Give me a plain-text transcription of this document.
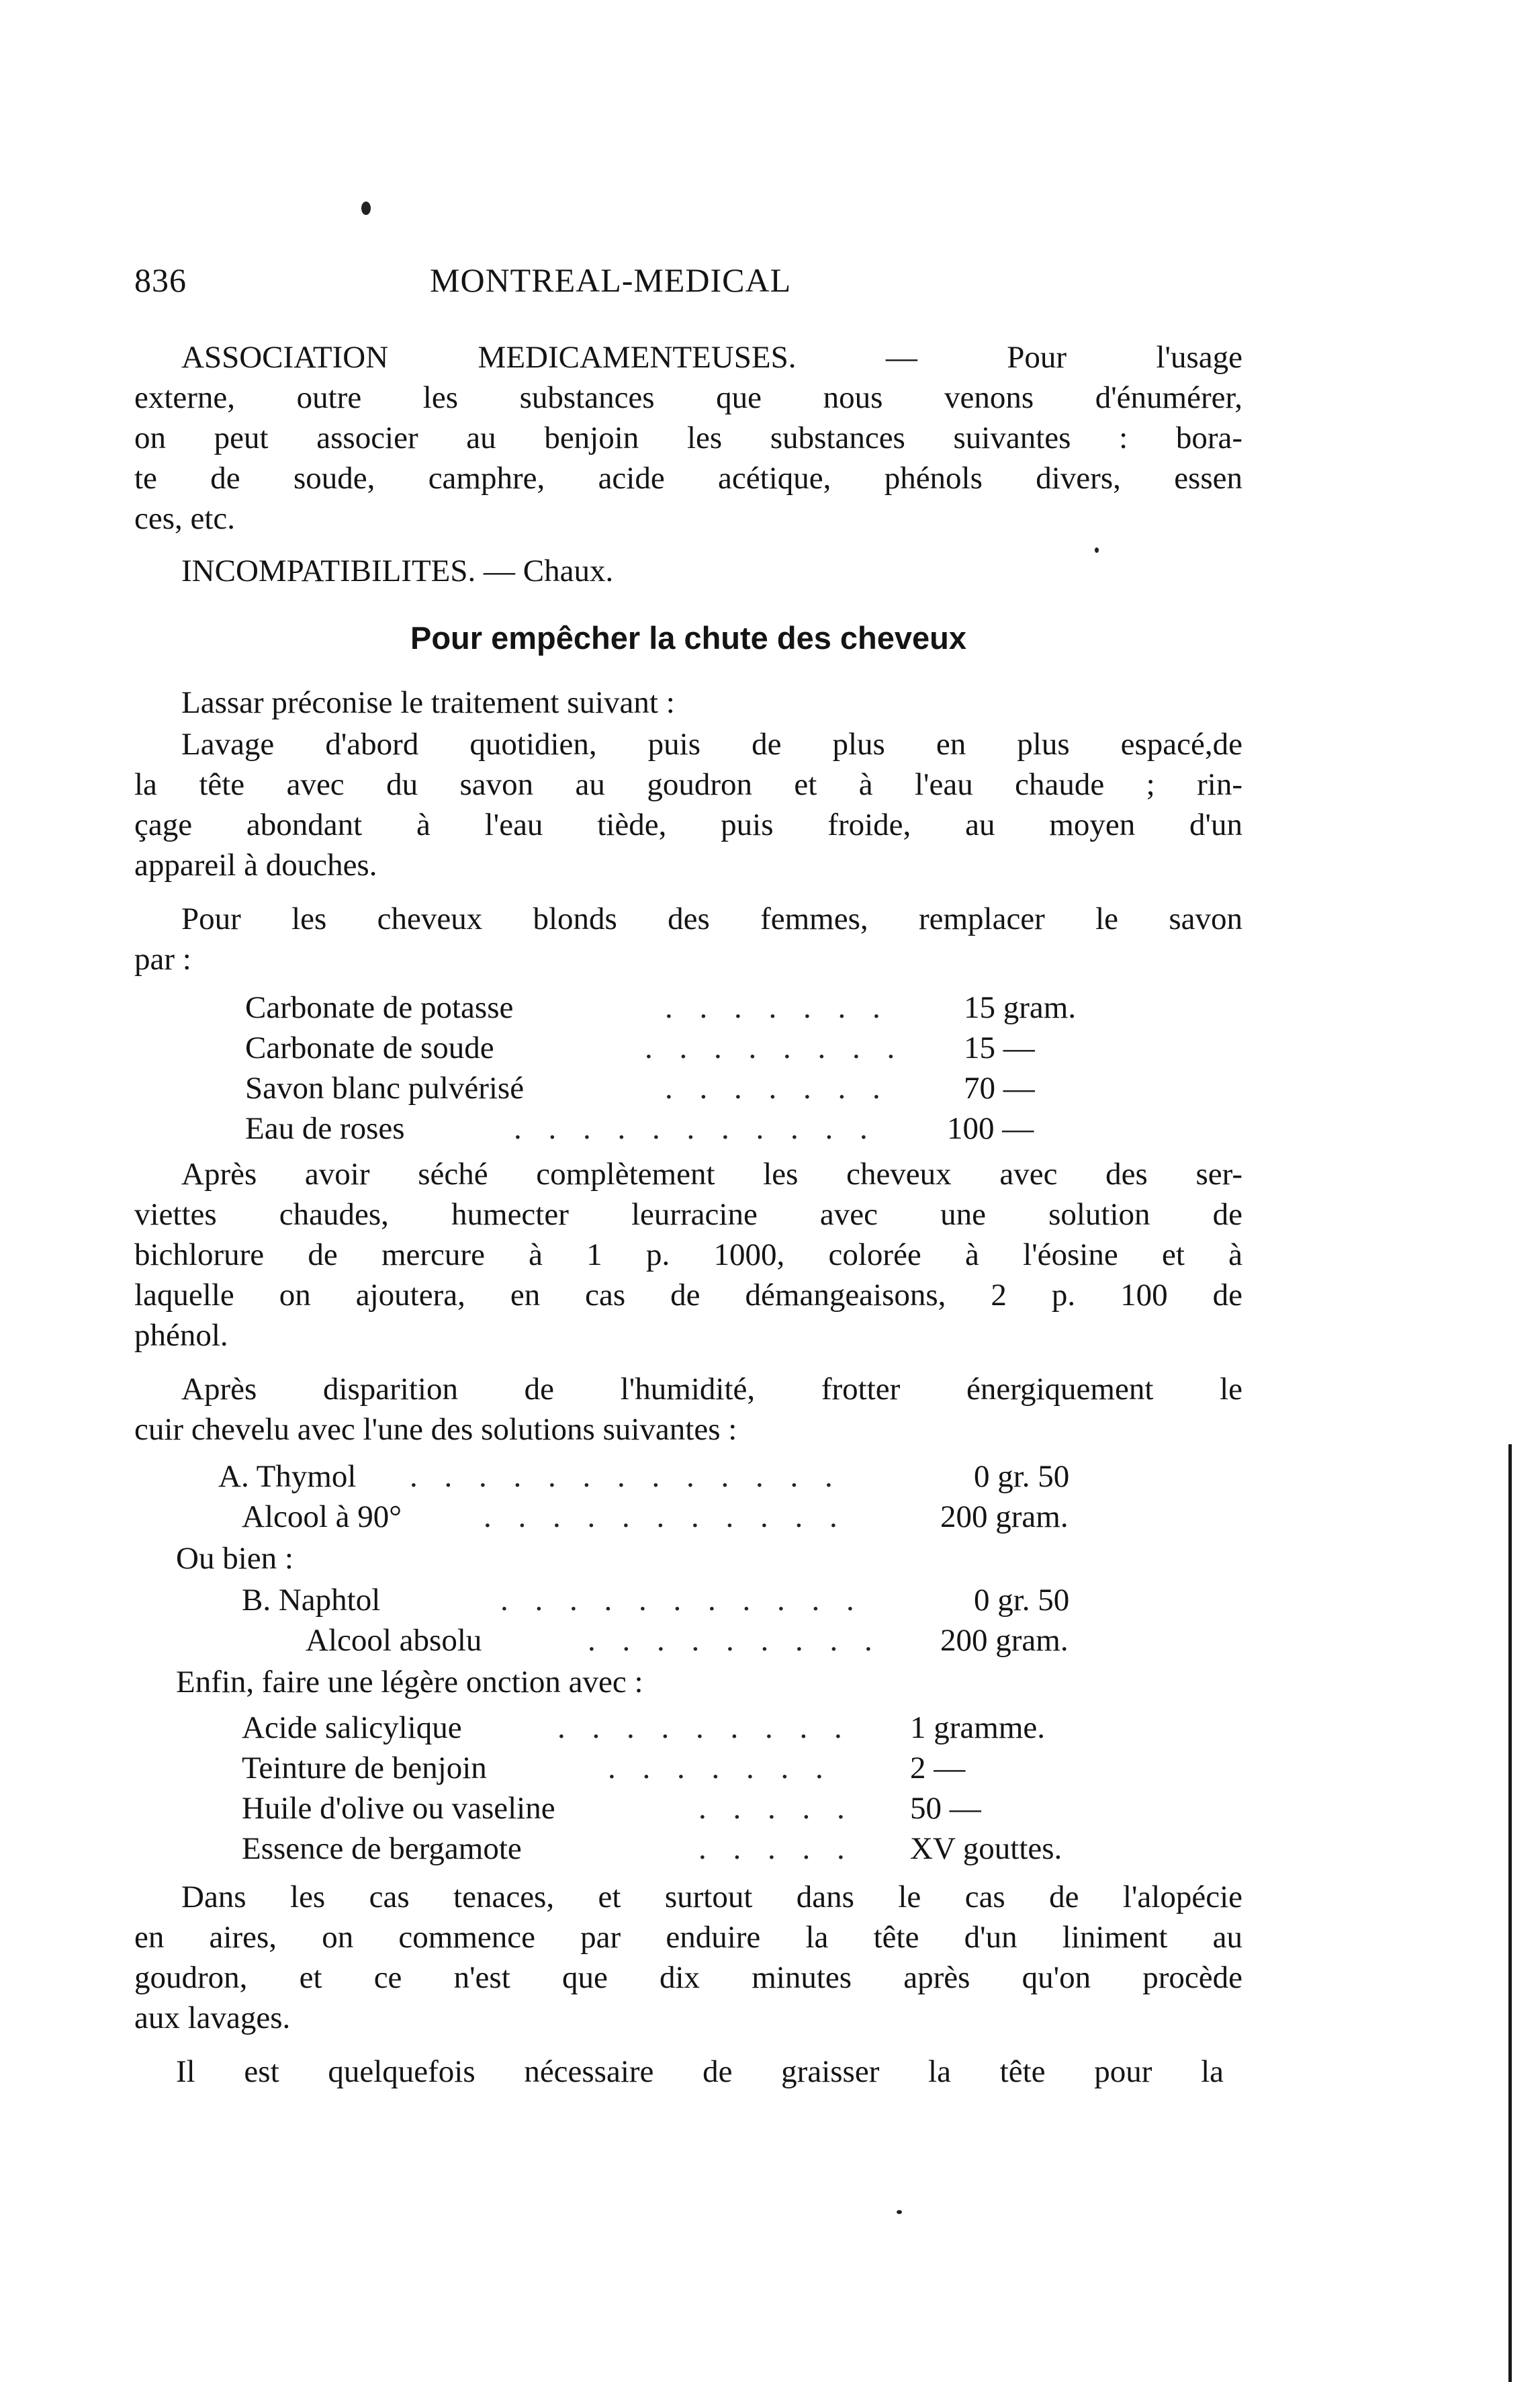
836	MONTREAL-MEDICAL
ASSOCIATION MEDICAMENTEUSES. — Pour l'usage
externe, outre les substances que nous venons d'énumérer,
on peut associer au benjoin les substances suivantes : bora-
te de soude, camphre, acide acétique, phénols divers, essen
ces, etc.
INCOMPATIBILITES. — Chaux.
Pour empêcher la chute des cheveux
Lassar préconise le traitement suivant :
Lavage d'abord quotidien, puis de plus en plus espacé,de
la tête avec du savon au goudron et à l'eau chaude ; rin-
çage abondant à l'eau tiède, puis froide, au moyen d'un
appareil à douches.
Pour les cheveux blonds des femmes, remplacer le savon
par :
Carbonate de potasse	. . . . . . .	15 gram.
Carbonate de soude	. . . . . . . .	15 —
Savon blanc pulvérisé	. . . . . . .	70 —
Eau de roses	. . . . . . . . . . .	100 —
Après avoir séché complètement les cheveux avec des ser-
viettes chaudes, humecter leurracine avec une solution de
bichlorure de mercure à 1 p. 1000, colorée à l'éosine et à
laquelle on ajoutera, en cas de démangeaisons, 2 p. 100 de
phénol.
Après disparition de l'humidité, frotter énergiquement le
cuir chevelu avec l'une des solutions suivantes :
A. Thymol . . . . . . . . . . . . .	0 gr. 50
Alcool à 90°	. . . . . . . . . . .	200 gram.
Ou bien :
B. Naphtol	. . . . . . . . . . .	0 gr. 50
Alcool absolu	. . . . . . . . .	200 gram.
Enfin, faire une légère onction avec :
Acide salicylique	. . . . . . . . .	1 gramme.
Teinture de benjoin	. . . . . . .	2 —
Huile d'olive ou vaseline	. . . . .	50 —
Essence de bergamote	. . . . .	XV gouttes.
Dans les cas tenaces, et surtout dans le cas de l'alopécie
en aires, on commence par enduire la tête d'un liniment au
goudron, et ce n'est que dix minutes après qu'on procède
aux lavages.
Il est quelquefois nécessaire de graisser la tête pour la
